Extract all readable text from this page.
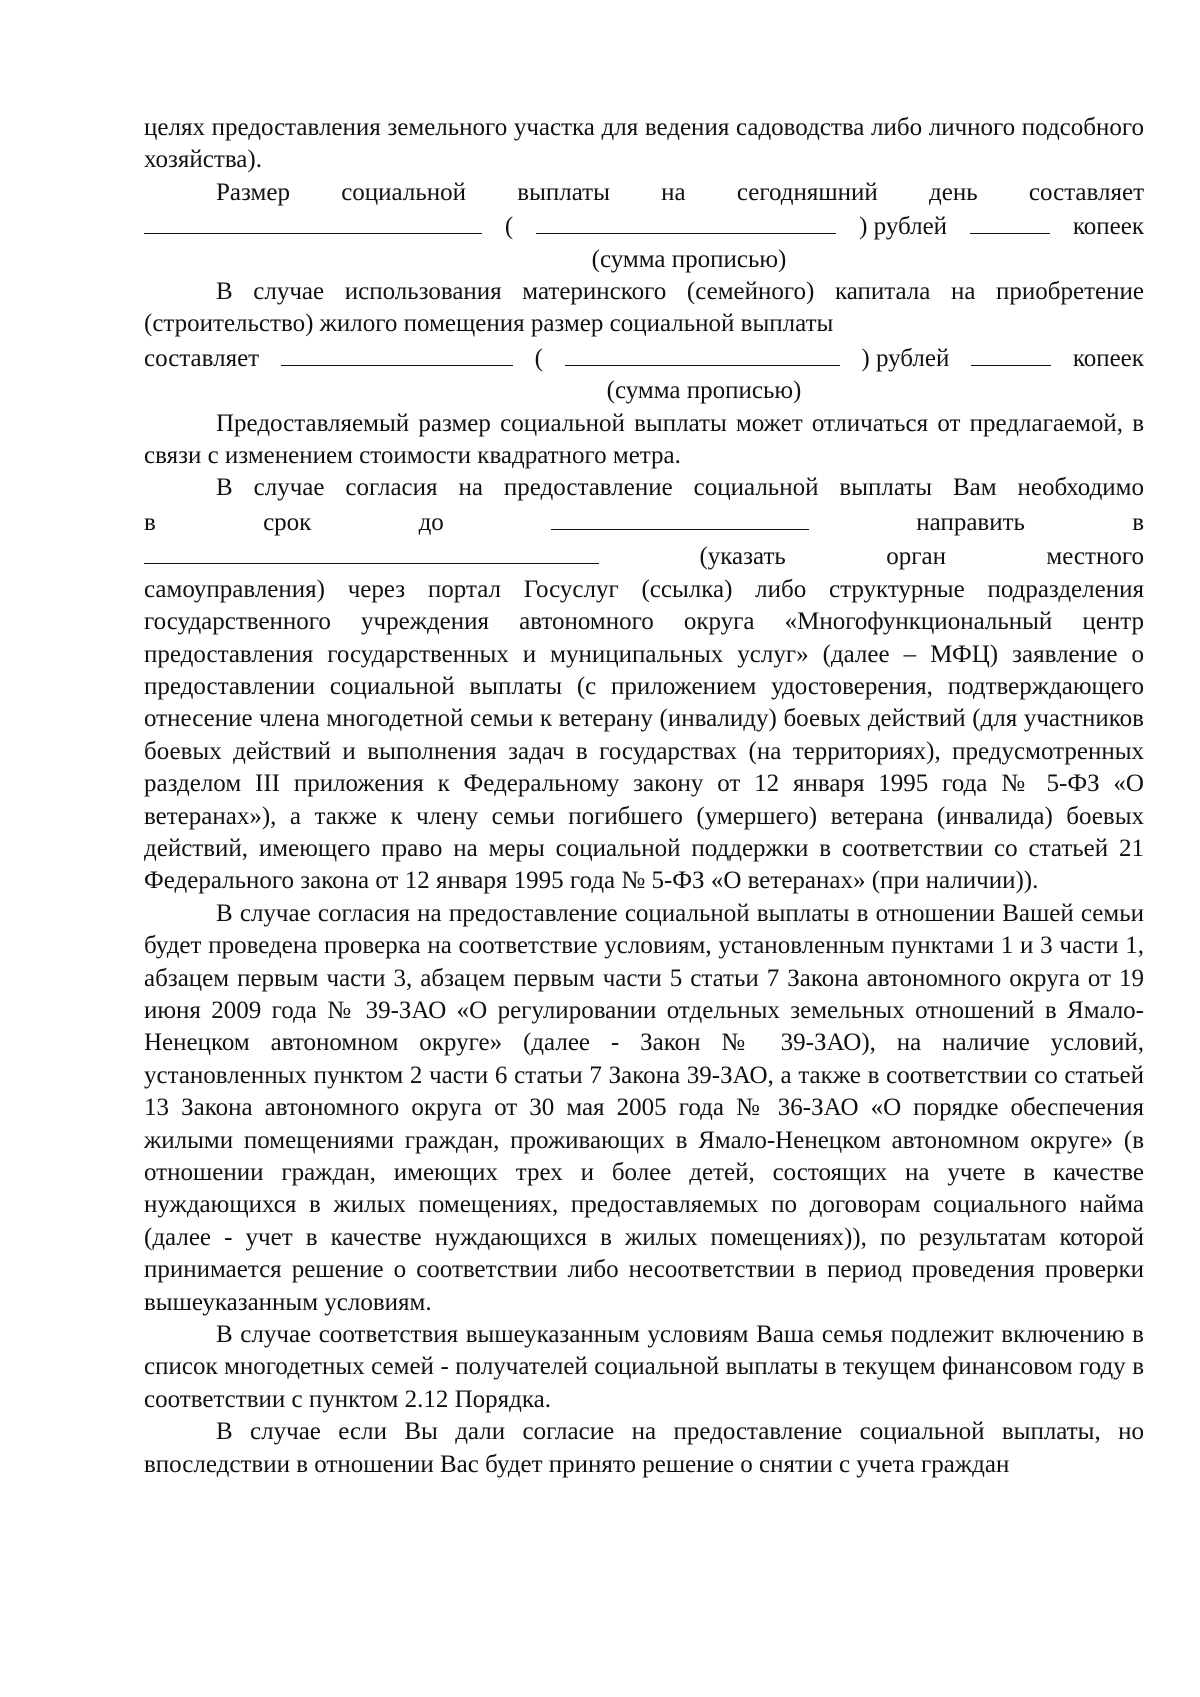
целях предоставления земельного участка для ведения садоводства либо личного подсобного хозяйства).

Размер социальной выплаты на сегодняшний день составляет

(	) рублей	копеек

(сумма прописью)

В случае использования материнского (семейного) капитала на приобретение (строительство) жилого помещения размер социальной выплаты

составляет	(	) рублей	копеек

(сумма прописью)

Предоставляемый размер социальной выплаты может отличаться от предлагаемой, в связи с изменением стоимости квадратного метра.

В случае согласия на предоставление социальной выплаты Вам необходимо

в	срок	до	направить	в
(указать	орган	местного

самоуправления) через портал Госуслуг (ссылка) либо структурные подразделения государственного учреждения автономного округа «Многофункциональный центр предоставления государственных и муниципальных услуг» (далее – МФЦ) заявление о предоставлении социальной выплаты (с приложением удостоверения, подтверждающего отнесение члена многодетной семьи к ветерану (инвалиду) боевых действий (для участников боевых действий и выполнения задач в государствах (на территориях), предусмотренных разделом III приложения к Федеральному закону от 12 января 1995 года № 5-ФЗ «О ветеранах»), а также к члену семьи погибшего (умершего) ветерана (инвалида) боевых действий, имеющего право на меры социальной поддержки в соответствии со статьей 21 Федерального закона от 12 января 1995 года № 5-ФЗ «О ветеранах» (при наличии)).

В случае согласия на предоставление социальной выплаты в отношении Вашей семьи будет проведена проверка на соответствие условиям, установленным пунктами 1 и 3 части 1, абзацем первым части 3, абзацем первым части 5 статьи 7 Закона автономного округа от 19 июня 2009 года № 39-ЗАО «О регулировании отдельных земельных отношений в Ямало-Ненецком автономном округе» (далее - Закон № 39-ЗАО), на наличие условий, установленных пунктом 2 части 6 статьи 7 Закона 39-ЗАО, а также в соответствии со статьей 13 Закона автономного округа от 30 мая 2005 года № 36-ЗАО «О порядке обеспечения жилыми помещениями граждан, проживающих в Ямало-Ненецком автономном округе» (в отношении граждан, имеющих трех и более детей, состоящих на учете в качестве нуждающихся в жилых помещениях, предоставляемых по договорам социального найма (далее - учет в качестве нуждающихся в жилых помещениях)), по результатам которой принимается решение о соответствии либо несоответствии в период проведения проверки вышеуказанным условиям.

В случае соответствия вышеуказанным условиям Ваша семья подлежит включению в список многодетных семей - получателей социальной выплаты в текущем финансовом году в соответствии с пунктом 2.12 Порядка.

В случае если Вы дали согласие на предоставление социальной выплаты, но впоследствии в отношении Вас будет принято решение о снятии с учета граждан
